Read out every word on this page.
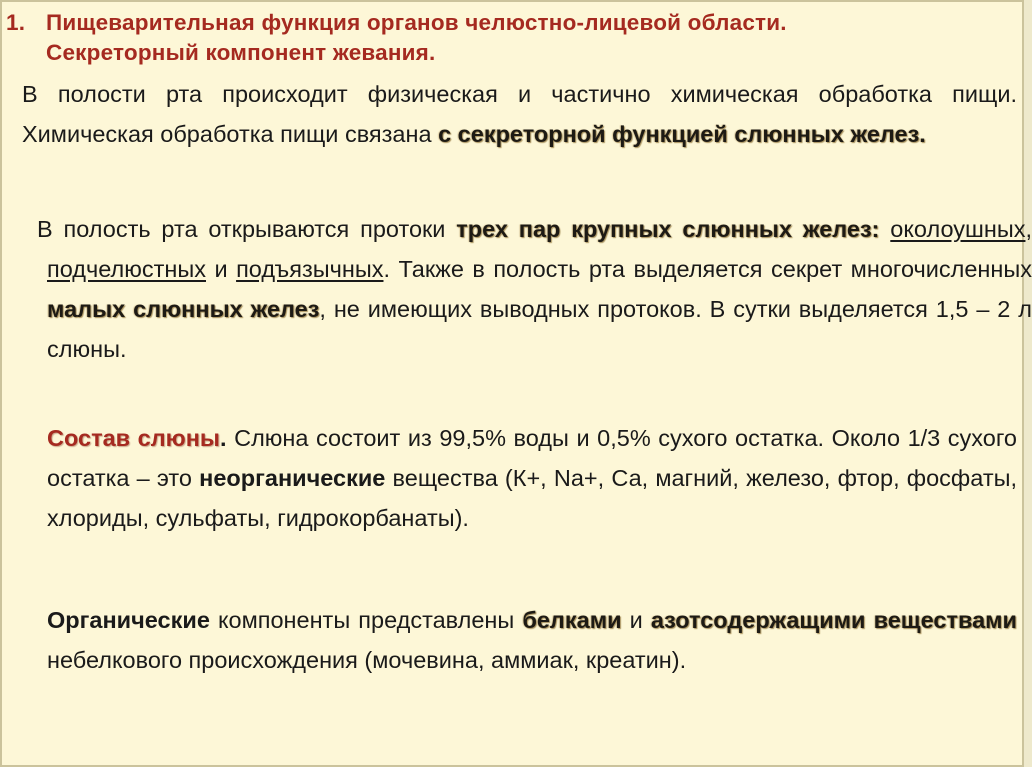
1. Пищеварительная функция органов челюстно-лицевой области.
Секреторный компонент жевания.
В полости рта происходит физическая и частично химическая обработка пищи. Химическая обработка пищи связана с секреторной функцией слюнных желез.
В полость рта открываются протоки трех пар крупных слюнных желез: околоушных, подчелюстных и подъязычных. Также в полость рта выделяется секрет многочисленных малых слюнных желез, не имеющих выводных протоков. В сутки выделяется 1,5 – 2 л слюны.
Состав слюны. Слюна состоит из 99,5% воды и 0,5% сухого остатка. Около 1/3 сухого остатка – это неорганические вещества (К+, Na+, Са, магний, железо, фтор, фосфаты, хлориды, сульфаты, гидрокорбанаты).
Органические компоненты представлены белками и азотсодержащими веществами небелкового происхождения (мочевина, аммиак, креатин).
